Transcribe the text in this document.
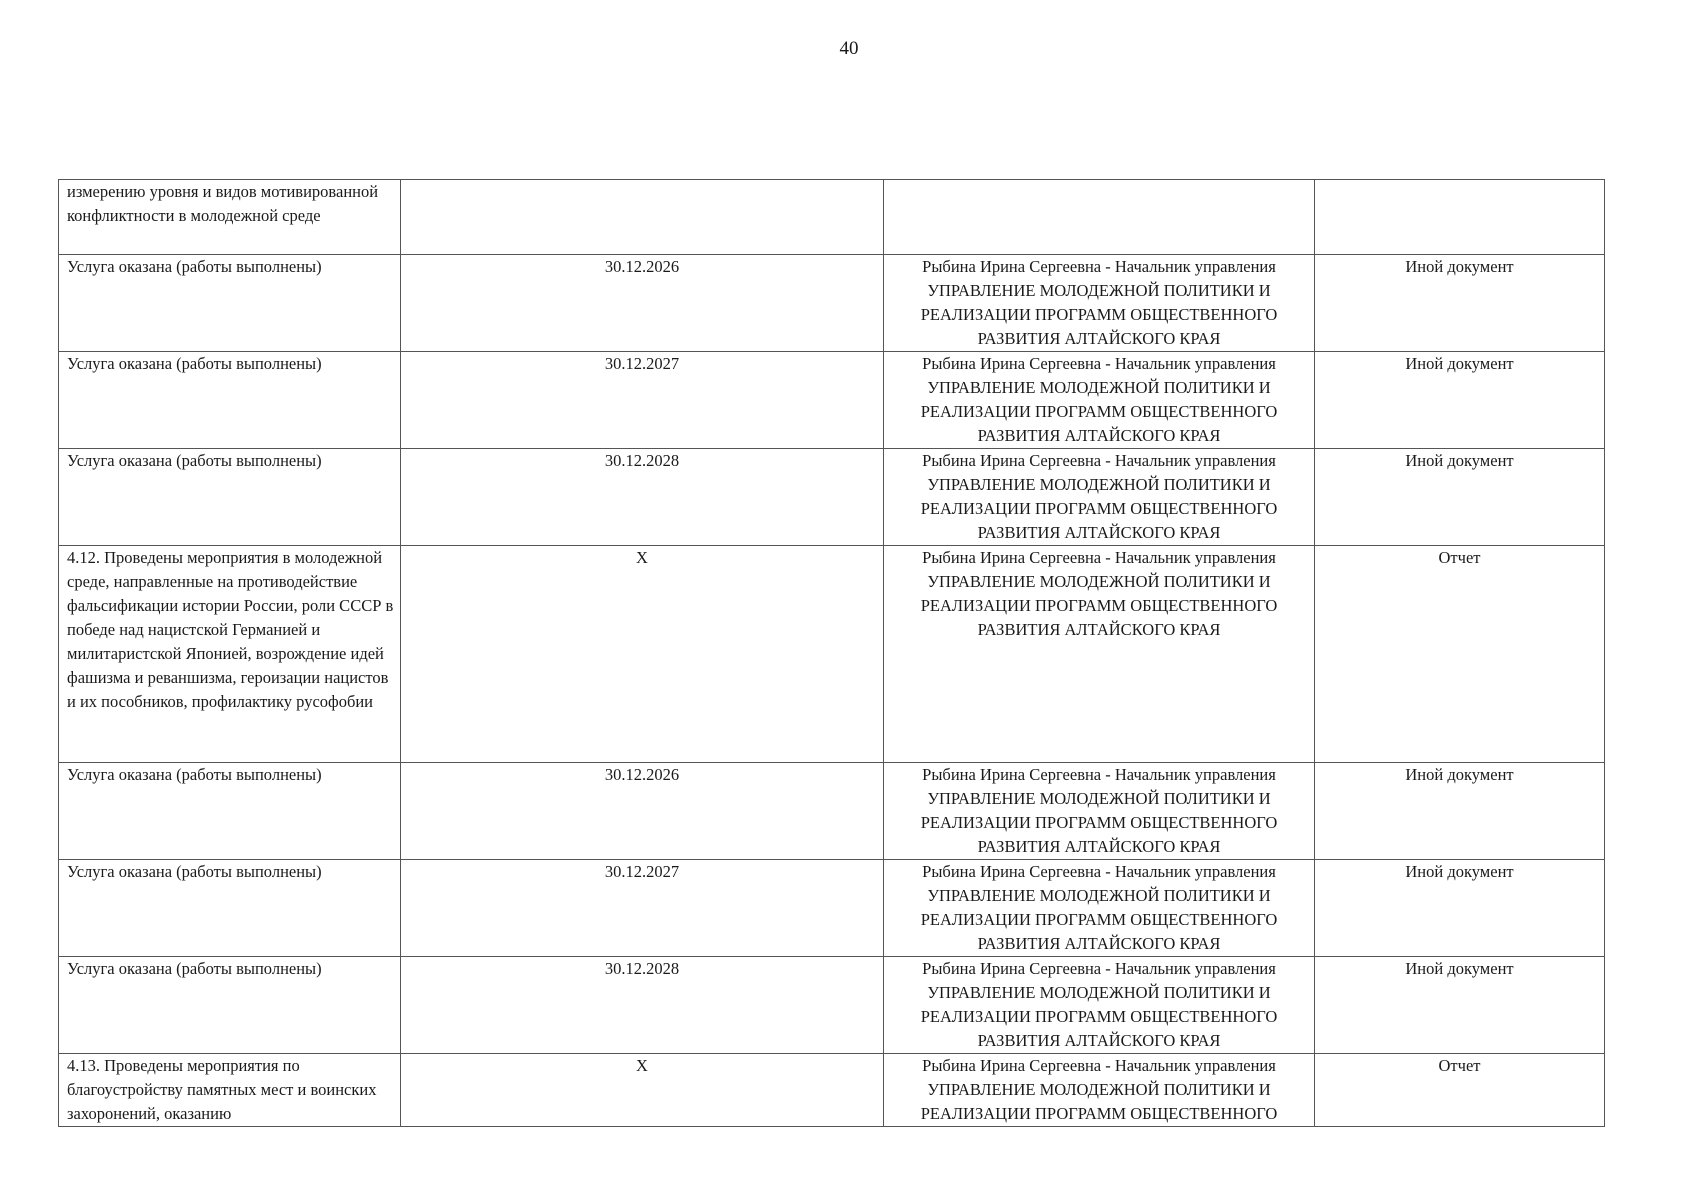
40
измерению уровня и видов мотивированной конфликтности в молодежной среде			

Услуга оказана (работы выполнены)	30.12.2026	Рыбина Ирина Сергеевна - Начальник управления УПРАВЛЕНИЕ МОЛОДЕЖНОЙ ПОЛИТИКИ И РЕАЛИЗАЦИИ ПРОГРАММ ОБЩЕСТВЕННОГО РАЗВИТИЯ АЛТАЙСКОГО КРАЯ	Иной документ

Услуга оказана (работы выполнены)	30.12.2027	Рыбина Ирина Сергеевна - Начальник управления УПРАВЛЕНИЕ МОЛОДЕЖНОЙ ПОЛИТИКИ И РЕАЛИЗАЦИИ ПРОГРАММ ОБЩЕСТВЕННОГО РАЗВИТИЯ АЛТАЙСКОГО КРАЯ	Иной документ

Услуга оказана (работы выполнены)	30.12.2028	Рыбина Ирина Сергеевна - Начальник управления УПРАВЛЕНИЕ МОЛОДЕЖНОЙ ПОЛИТИКИ И РЕАЛИЗАЦИИ ПРОГРАММ ОБЩЕСТВЕННОГО РАЗВИТИЯ АЛТАЙСКОГО КРАЯ	Иной документ

4.12. Проведены мероприятия в молодежной среде, направленные на противодействие фальсификации истории России, роли СССР в победе над нацистской Германией и милитаристской Японией, возрождение идей фашизма и реваншизма, героизации нацистов и их пособников, профилактику русофобии	X	Рыбина Ирина Сергеевна - Начальник управления УПРАВЛЕНИЕ МОЛОДЕЖНОЙ ПОЛИТИКИ И РЕАЛИЗАЦИИ ПРОГРАММ ОБЩЕСТВЕННОГО РАЗВИТИЯ АЛТАЙСКОГО КРАЯ	Отчет

Услуга оказана (работы выполнены)	30.12.2026	Рыбина Ирина Сергеевна - Начальник управления УПРАВЛЕНИЕ МОЛОДЕЖНОЙ ПОЛИТИКИ И РЕАЛИЗАЦИИ ПРОГРАММ ОБЩЕСТВЕННОГО РАЗВИТИЯ АЛТАЙСКОГО КРАЯ	Иной документ

Услуга оказана (работы выполнены)	30.12.2027	Рыбина Ирина Сергеевна - Начальник управления УПРАВЛЕНИЕ МОЛОДЕЖНОЙ ПОЛИТИКИ И РЕАЛИЗАЦИИ ПРОГРАММ ОБЩЕСТВЕННОГО РАЗВИТИЯ АЛТАЙСКОГО КРАЯ	Иной документ

Услуга оказана (работы выполнены)	30.12.2028	Рыбина Ирина Сергеевна - Начальник управления УПРАВЛЕНИЕ МОЛОДЕЖНОЙ ПОЛИТИКИ И РЕАЛИЗАЦИИ ПРОГРАММ ОБЩЕСТВЕННОГО РАЗВИТИЯ АЛТАЙСКОГО КРАЯ	Иной документ

4.13. Проведены мероприятия по благоустройству памятных мест и воинских захоронений, оказанию	X	Рыбина Ирина Сергеевна - Начальник управления УПРАВЛЕНИЕ МОЛОДЕЖНОЙ ПОЛИТИКИ И РЕАЛИЗАЦИИ ПРОГРАММ ОБЩЕСТВЕННОГО	Отчет
